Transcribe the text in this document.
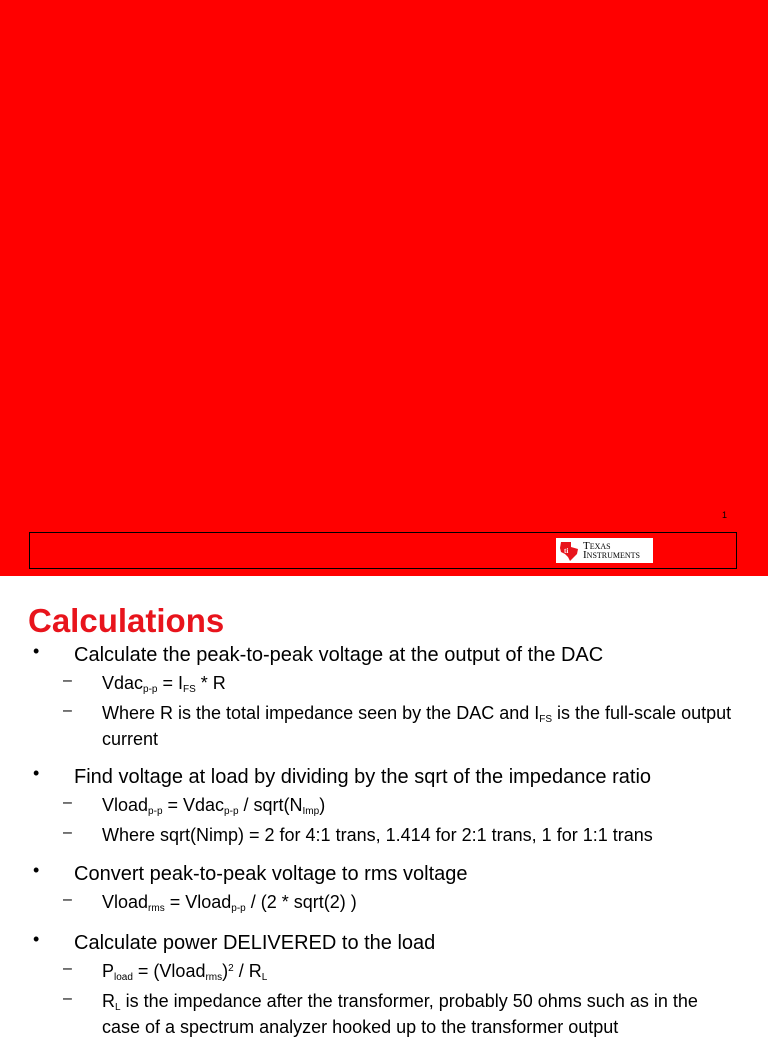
1
ti Texas
Instruments
Calculations
• Calculate the peak-to-peak voltage at the output of the DAC
– Vdac$_{p-p}$ = $I_{FS}$ * R
– Where R is the total impedance seen by the DAC and $I_{FS}$ is the full-scale output current
• Find voltage at load by dividing by the sqrt of the impedance ratio
– Vload$_{p-p}$ = Vdac$_{p-p}$ / $sqrt(N_{Imp})$
– Where sqrt(Nimp) = 2 for 4:1 trans, 1.414 for 2:1 trans, 1 for 1:1 trans
• Convert peak-to-peak voltage to rms voltage
– Vload$_{rms}$ = Vload$_{p-p}$ / (2 * sqrt(2) )
• Calculate power DELIVERED to the load
– $P_{load}$ = (Vload$_{rms}$)$^2$ / $R_L$
– $R_L$ is the impedance after the transformer, probably 50 ohms such as in the case of a spectrum analyzer hooked up to the transformer output
